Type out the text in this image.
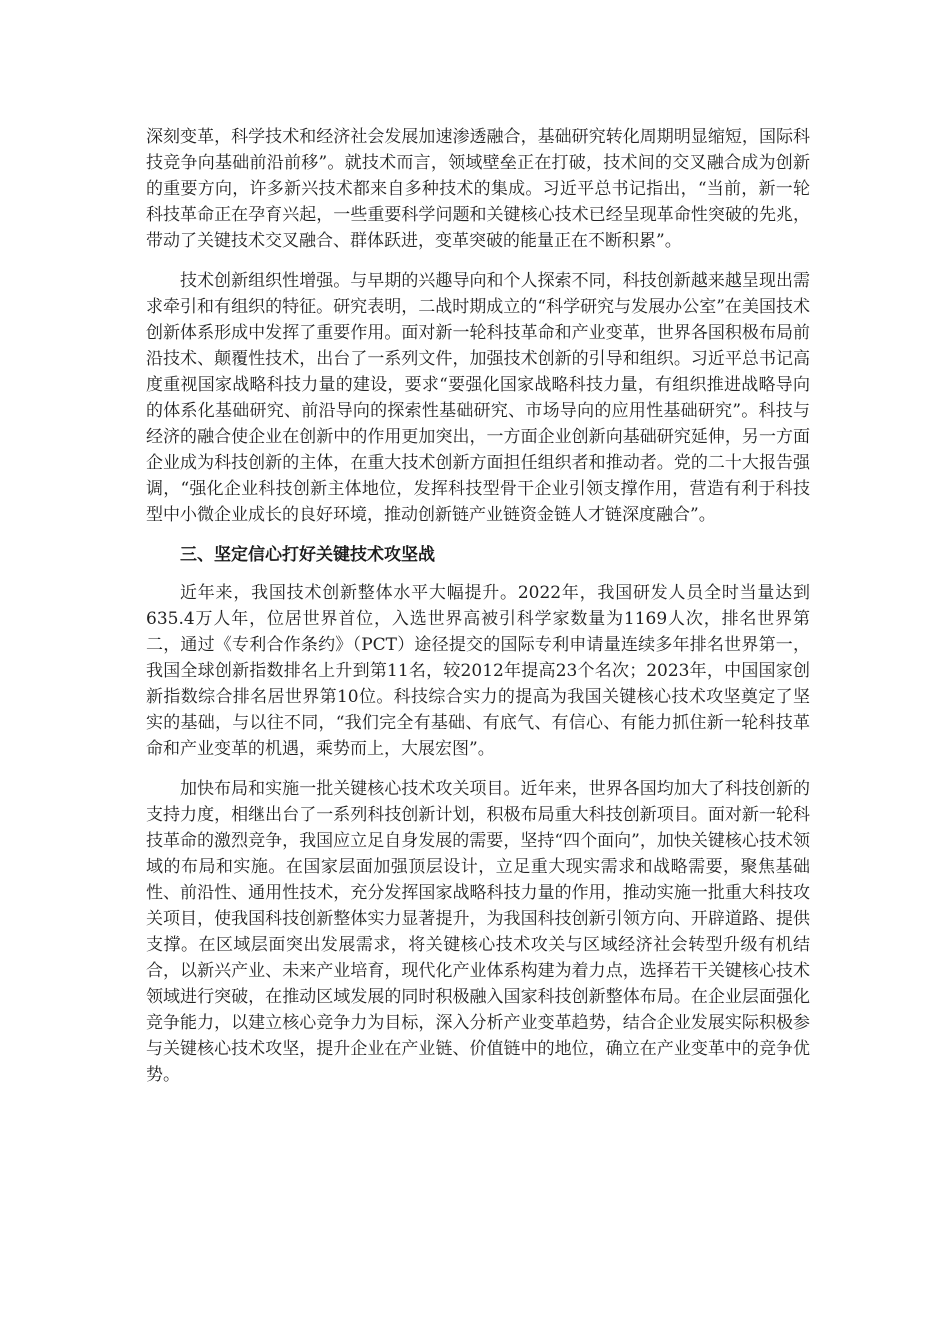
深刻变革，科学技术和经济社会发展加速渗透融合，基础研究转化周期明显缩短，国际科技竞争向基础前沿前移”。就技术而言，领域壁垒正在打破，技术间的交叉融合成为创新的重要方向，许多新兴技术都来自多种技术的集成。习近平总书记指出，“当前，新一轮科技革命正在孕育兴起，一些重要科学问题和关键核心技术已经呈现革命性突破的先兆，带动了关键技术交叉融合、群体跃进，变革突破的能量正在不断积累”。

技术创新组织性增强。与早期的兴趣导向和个人探索不同，科技创新越来越呈现出需求牵引和有组织的特征。研究表明，二战时期成立的“科学研究与发展办公室”在美国技术创新体系形成中发挥了重要作用。面对新一轮科技革命和产业变革，世界各国积极布局前沿技术、颠覆性技术，出台了一系列文件，加强技术创新的引导和组织。习近平总书记高度重视国家战略科技力量的建设，要求“要强化国家战略科技力量，有组织推进战略导向的体系化基础研究、前沿导向的探索性基础研究、市场导向的应用性基础研究”。科技与经济的融合使企业在创新中的作用更加突出，一方面企业创新向基础研究延伸，另一方面企业成为科技创新的主体，在重大技术创新方面担任组织者和推动者。党的二十大报告强调，“强化企业科技创新主体地位，发挥科技型骨干企业引领支撑作用，营造有利于科技型中小微企业成长的良好环境，推动创新链产业链资金链人才链深度融合”。

三、坚定信心打好关键技术攻坚战

近年来，我国技术创新整体水平大幅提升。2022年，我国研发人员全时当量达到635.4万人年，位居世界首位，入选世界高被引科学家数量为1169人次，排名世界第二，通过《专利合作条约》（PCT）途径提交的国际专利申请量连续多年排名世界第一，我国全球创新指数排名上升到第11名，较2012年提高23个名次；2023年，中国国家创新指数综合排名居世界第10位。科技综合实力的提高为我国关键核心技术攻坚奠定了坚实的基础，与以往不同，“我们完全有基础、有底气、有信心、有能力抓住新一轮科技革命和产业变革的机遇，乘势而上，大展宏图”。

加快布局和实施一批关键核心技术攻关项目。近年来，世界各国均加大了科技创新的支持力度，相继出台了一系列科技创新计划，积极布局重大科技创新项目。面对新一轮科技革命的激烈竞争，我国应立足自身发展的需要，坚持“四个面向”，加快关键核心技术领域的布局和实施。在国家层面加强顶层设计，立足重大现实需求和战略需要，聚焦基础性、前沿性、通用性技术，充分发挥国家战略科技力量的作用，推动实施一批重大科技攻关项目，使我国科技创新整体实力显著提升，为我国科技创新引领方向、开辟道路、提供支撑。在区域层面突出发展需求，将关键核心技术攻关与区域经济社会转型升级有机结合，以新兴产业、未来产业培育，现代化产业体系构建为着力点，选择若干关键核心技术领域进行突破，在推动区域发展的同时积极融入国家科技创新整体布局。在企业层面强化竞争能力，以建立核心竞争力为目标，深入分析产业变革趋势，结合企业发展实际积极参与关键核心技术攻坚，提升企业在产业链、价值链中的地位，确立在产业变革中的竞争优势。
